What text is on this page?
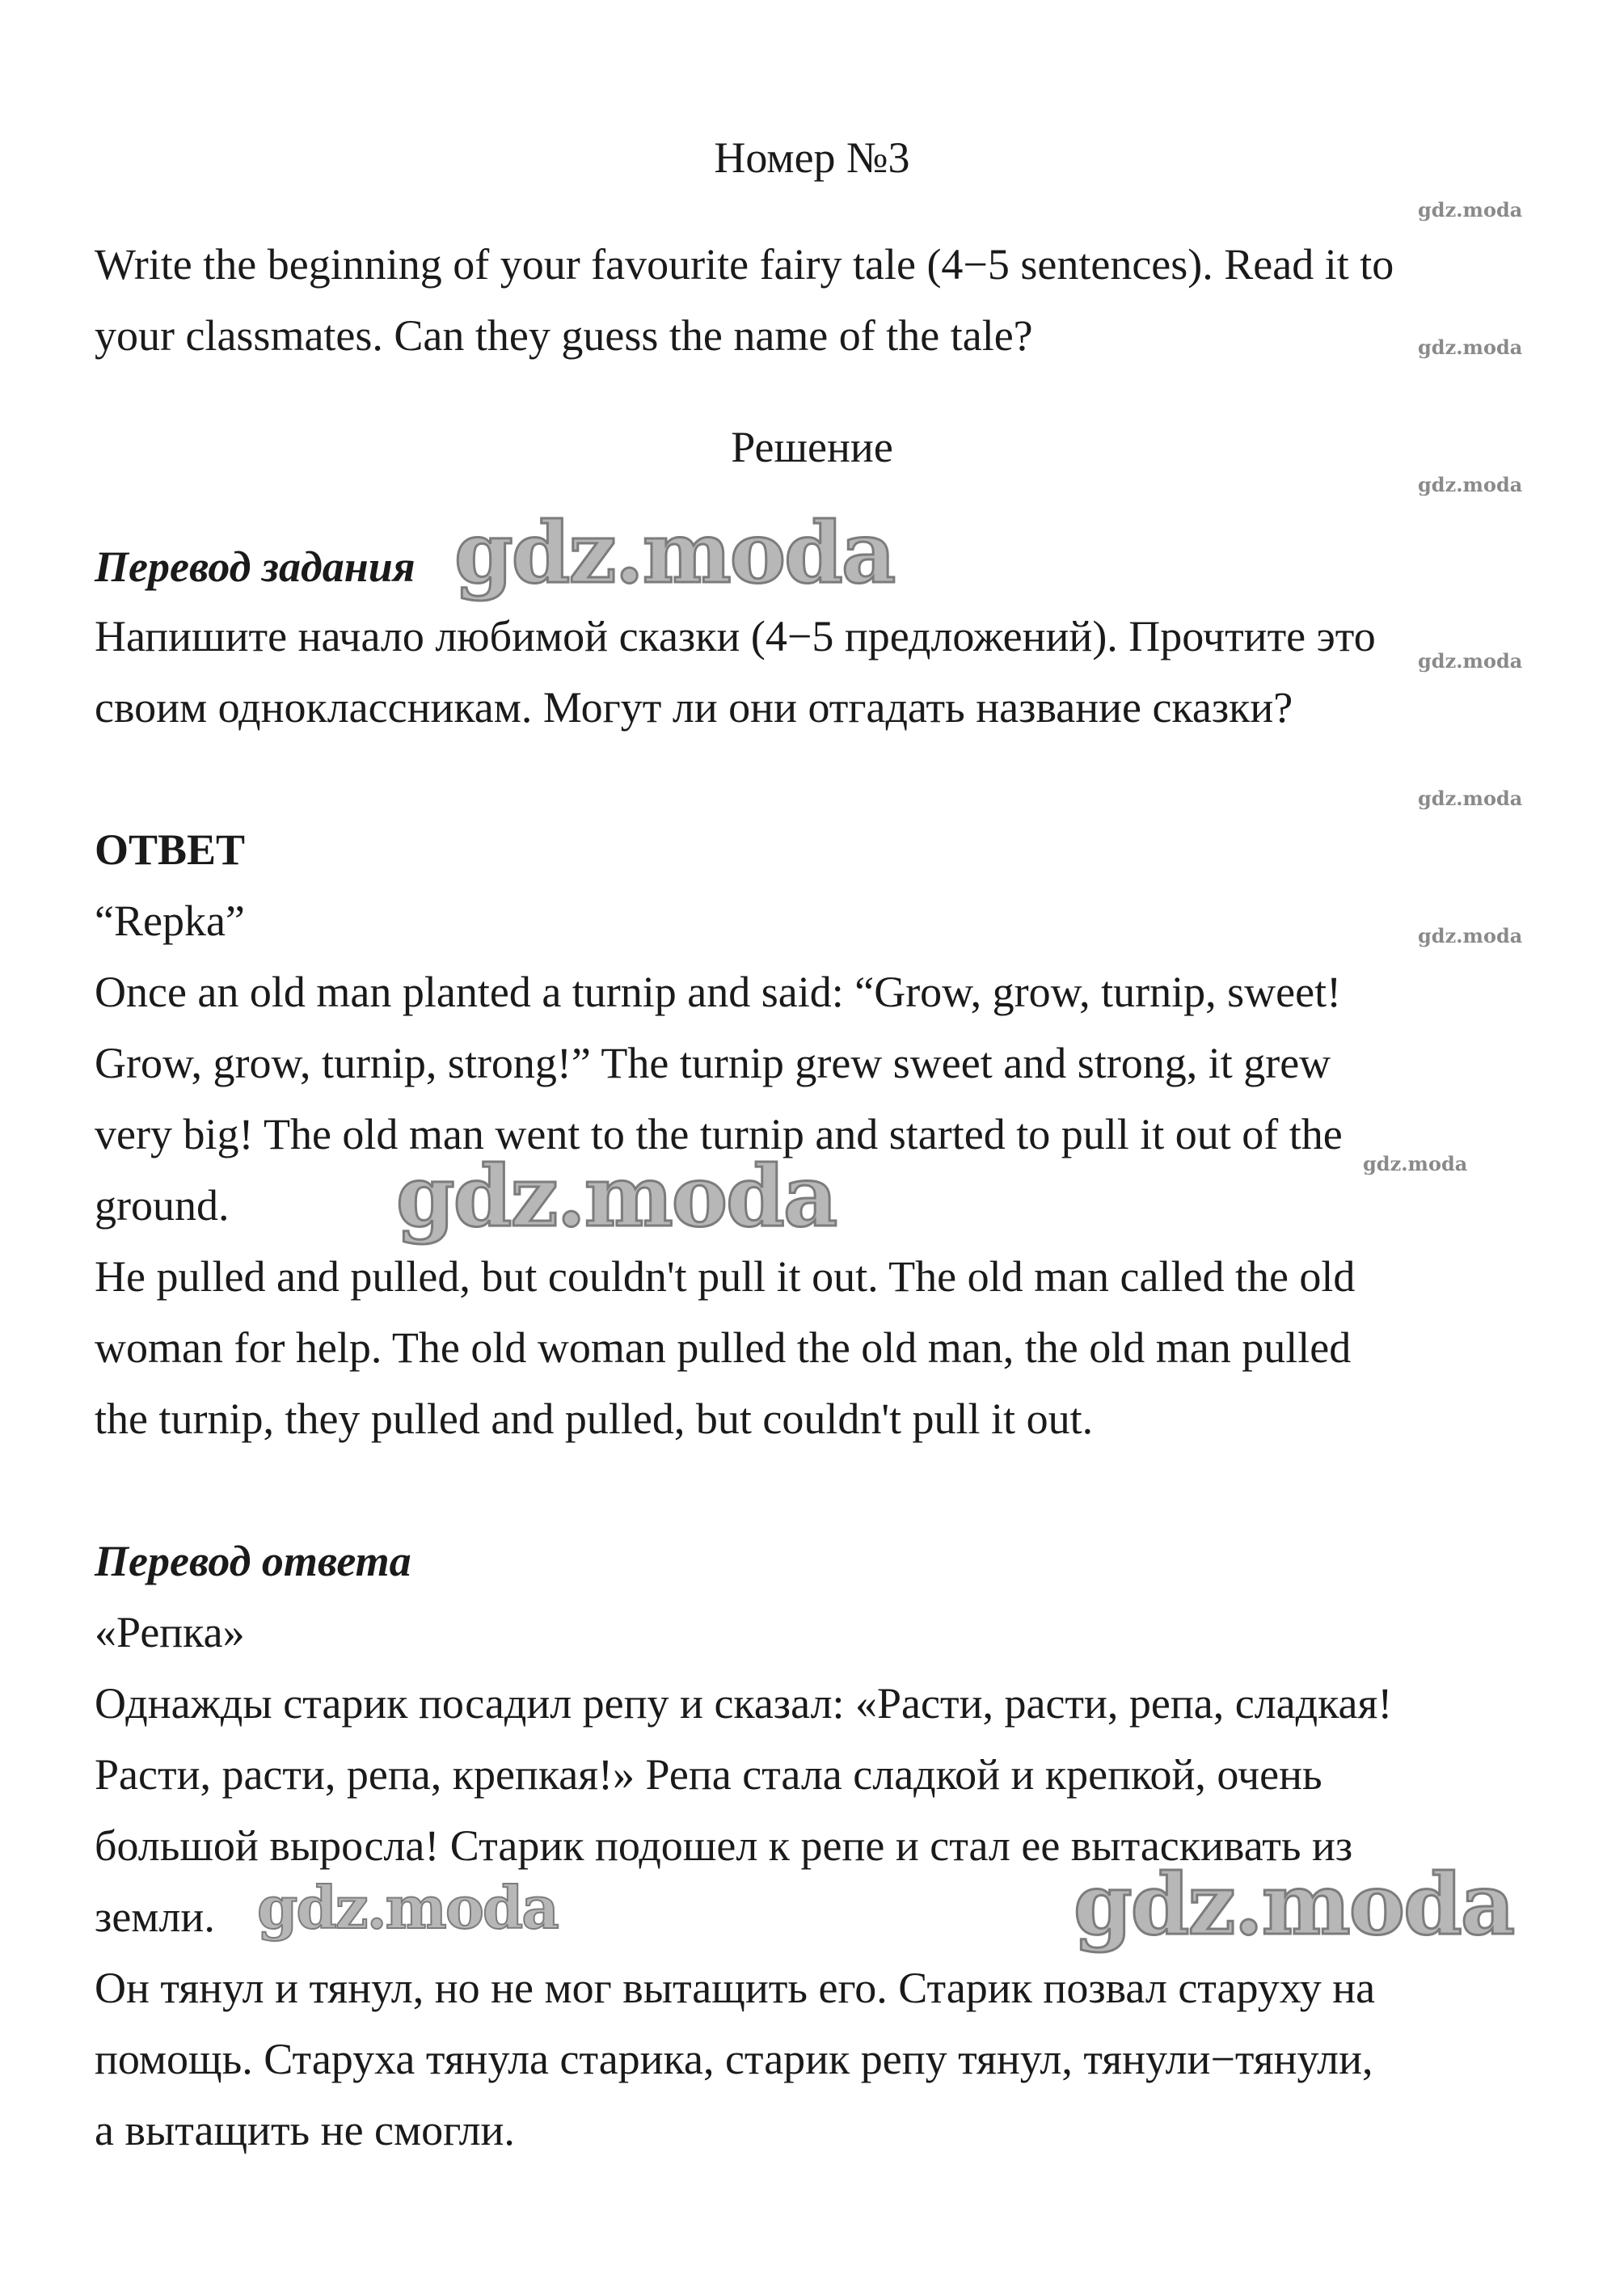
Номер №3
Write the beginning of your favourite fairy tale (4−5 sentences). Read it to
your classmates. Can they guess the name of the tale?
Решение
Перевод задания
Напишите начало любимой сказки (4−5 предложений). Прочтите это
своим одноклассникам. Могут ли они отгадать название сказки?
ОТВЕТ
“Repka”
Once an old man planted a turnip and said: “Grow, grow, turnip, sweet!
Grow, grow, turnip, strong!” The turnip grew sweet and strong, it grew
very big! The old man went to the turnip and started to pull it out of the
ground.
He pulled and pulled, but couldn't pull it out. The old man called the old
woman for help. The old woman pulled the old man, the old man pulled
the turnip, they pulled and pulled, but couldn't pull it out.
Перевод ответа
«Репка»
Однажды старик посадил репу и сказал: «Расти, расти, репа, сладкая!
Расти, расти, репа, крепкая!» Репа стала сладкой и крепкой, очень
большой выросла! Старик подошел к репе и стал ее вытаскивать из
земли.
Он тянул и тянул, но не мог вытащить его. Старик позвал старуху на
помощь. Старуха тянула старика, старик репу тянул, тянули−тянули,
а вытащить не смогли.
gdz.moda
gdz.moda
gdz.moda
gdz.moda
gdz.moda
gdz.moda
gdz.moda
gdz.moda
gdz.moda
gdz.moda	gdz.moda
